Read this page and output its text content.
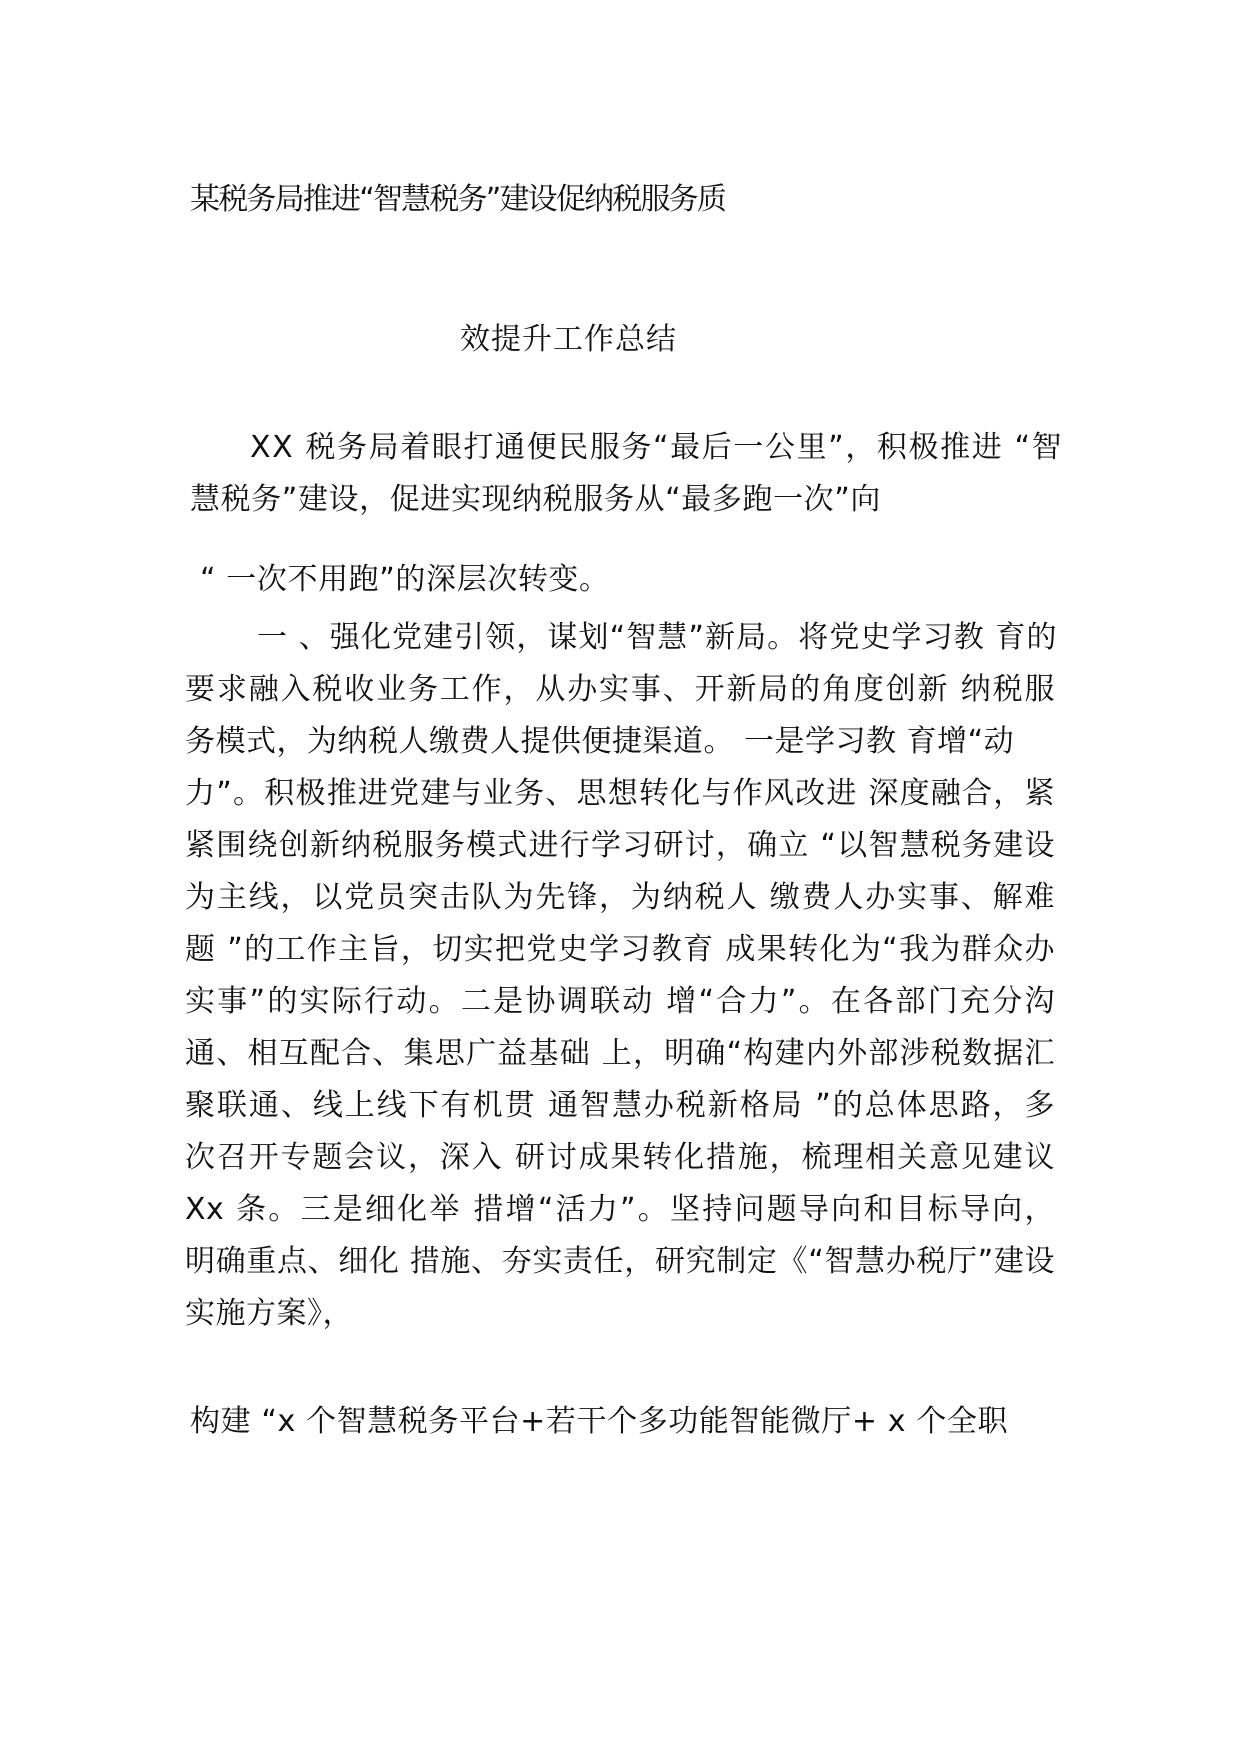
某税务局推进“智慧税务”建设促纳税服务质
效提升工作总结
XX 税务局着眼打通便民服务“最后一公里”，积极推进 “智
慧税务”建设，促进实现纳税服务从“最多跑一次”向
“ 一次不用跑”的深层次转变。
一 、强化党建引领，谋划“智慧”新局。将党史学习教 育的
要求融入税收业务工作，从办实事、开新局的角度创新 纳税服
务模式，为纳税人缴费人提供便捷渠道。 一是学习教 育增“动
力”。积极推进党建与业务、思想转化与作风改进 深度融合，紧
紧围绕创新纳税服务模式进行学习研讨，确立 “以智慧税务建设
为主线，以党员突击队为先锋，为纳税人 缴费人办实事、解难
题 ”的工作主旨，切实把党史学习教育 成果转化为“我为群众办
实事”的实际行动。二是协调联动 增“合力”。在各部门充分沟
通、相互配合、集思广益基础 上，明确“构建内外部涉税数据汇
聚联通、线上线下有机贯 通智慧办税新格局 ”的总体思路，多
次召开专题会议，深入 研讨成果转化措施，梳理相关意见建议
Xx 条。三是细化举 措增“活力”。坚持问题导向和目标导向，
明确重点、细化 措施、夯实责任，研究制定《“智慧办税厅”建设
实施方案》，
构建 “x 个智慧税务平台+若干个多功能智能微厅+ x 个全职
